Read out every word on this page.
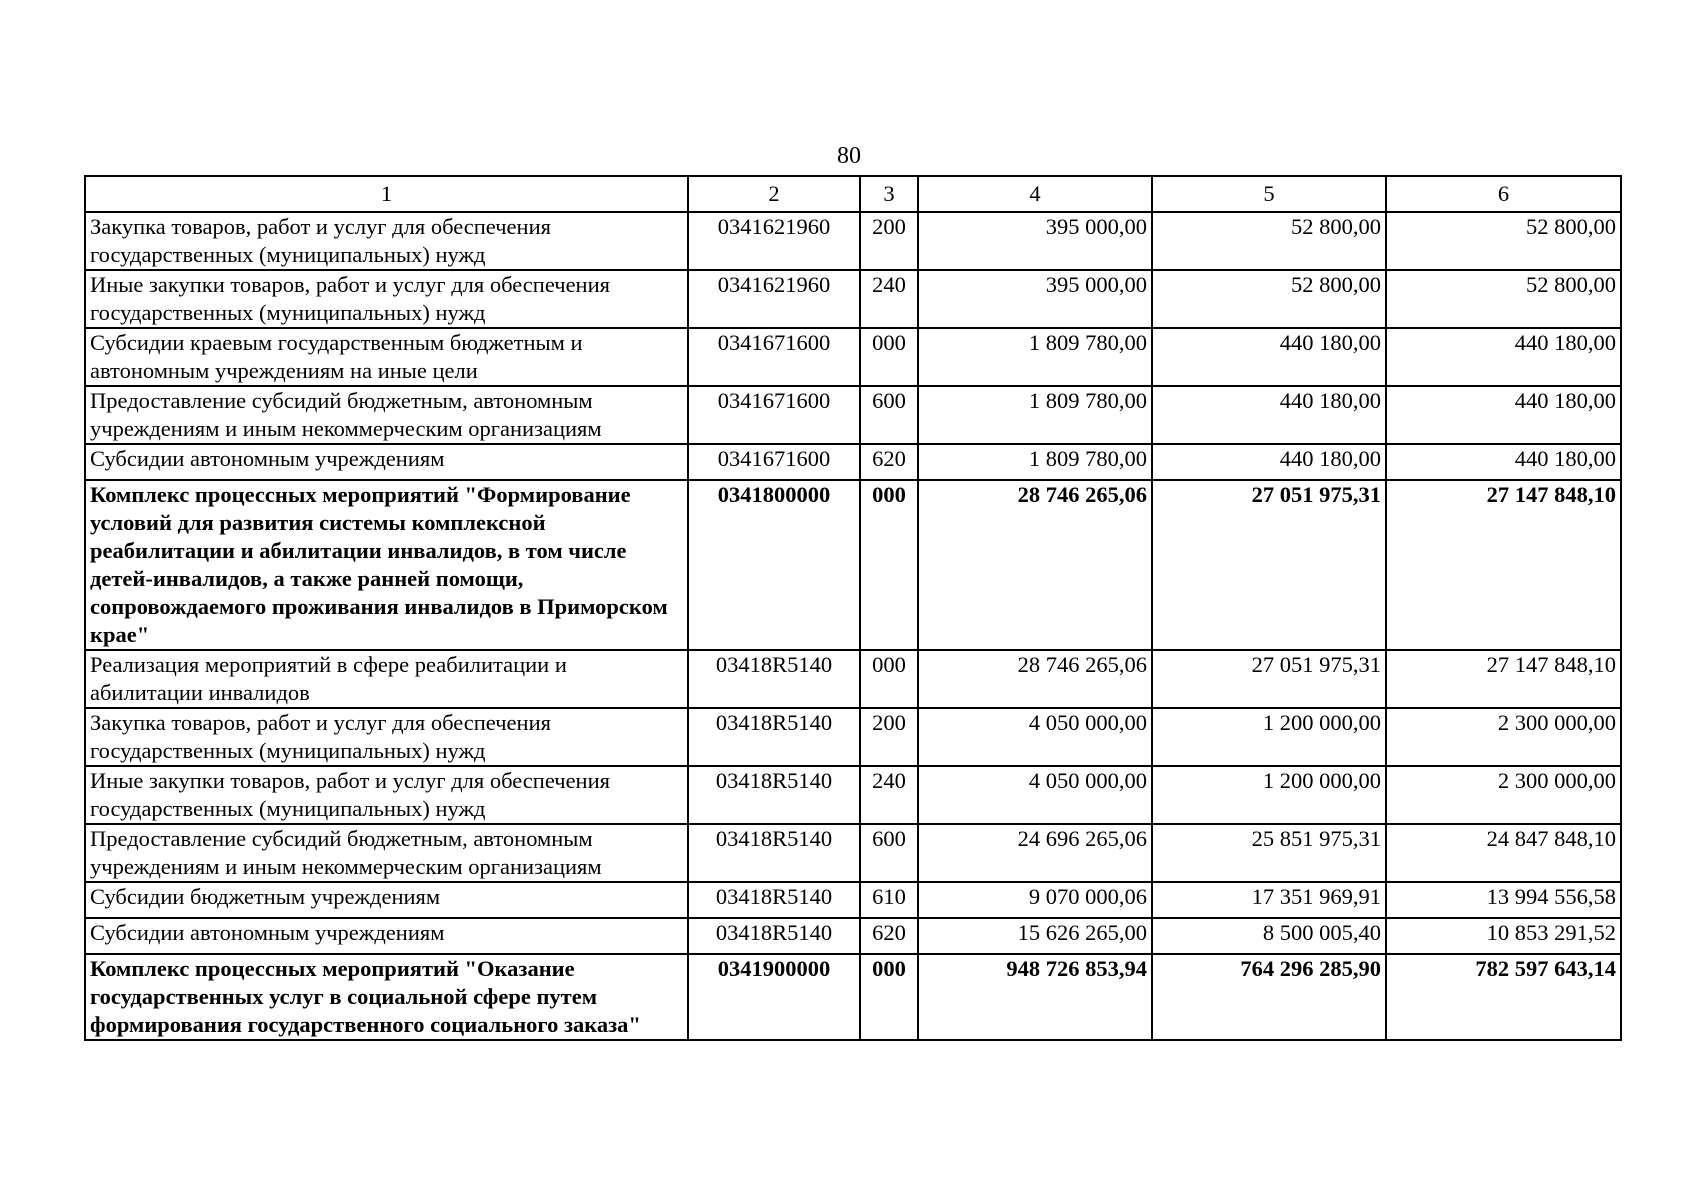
80
1	2	3	4	5	6
Закупка товаров, работ и услуг для обеспечения государственных (муниципальных) нужд	0341621960	200	395 000,00	52 800,00	52 800,00
Иные закупки товаров, работ и услуг для обеспечения государственных (муниципальных) нужд	0341621960	240	395 000,00	52 800,00	52 800,00
Субсидии краевым государственным бюджетным и автономным учреждениям на иные цели	0341671600	000	1 809 780,00	440 180,00	440 180,00
Предоставление субсидий бюджетным, автономным учреждениям и иным некоммерческим организациям	0341671600	600	1 809 780,00	440 180,00	440 180,00
Субсидии автономным учреждениям	0341671600	620	1 809 780,00	440 180,00	440 180,00
Комплекс процессных мероприятий "Формирование условий для развития системы комплексной реабилитации и абилитации инвалидов, в том числе детей-инвалидов, а также ранней помощи, сопровождаемого проживания инвалидов в Приморском крае"	0341800000	000	28 746 265,06	27 051 975,31	27 147 848,10
Реализация мероприятий в сфере реабилитации и абилитации инвалидов	03418R5140	000	28 746 265,06	27 051 975,31	27 147 848,10
Закупка товаров, работ и услуг для обеспечения государственных (муниципальных) нужд	03418R5140	200	4 050 000,00	1 200 000,00	2 300 000,00
Иные закупки товаров, работ и услуг для обеспечения государственных (муниципальных) нужд	03418R5140	240	4 050 000,00	1 200 000,00	2 300 000,00
Предоставление субсидий бюджетным, автономным учреждениям и иным некоммерческим организациям	03418R5140	600	24 696 265,06	25 851 975,31	24 847 848,10
Субсидии бюджетным учреждениям	03418R5140	610	9 070 000,06	17 351 969,91	13 994 556,58
Субсидии автономным учреждениям	03418R5140	620	15 626 265,00	8 500 005,40	10 853 291,52
Комплекс процессных мероприятий "Оказание государственных услуг в социальной сфере путем формирования государственного социального заказа"	0341900000	000	948 726 853,94	764 296 285,90	782 597 643,14
